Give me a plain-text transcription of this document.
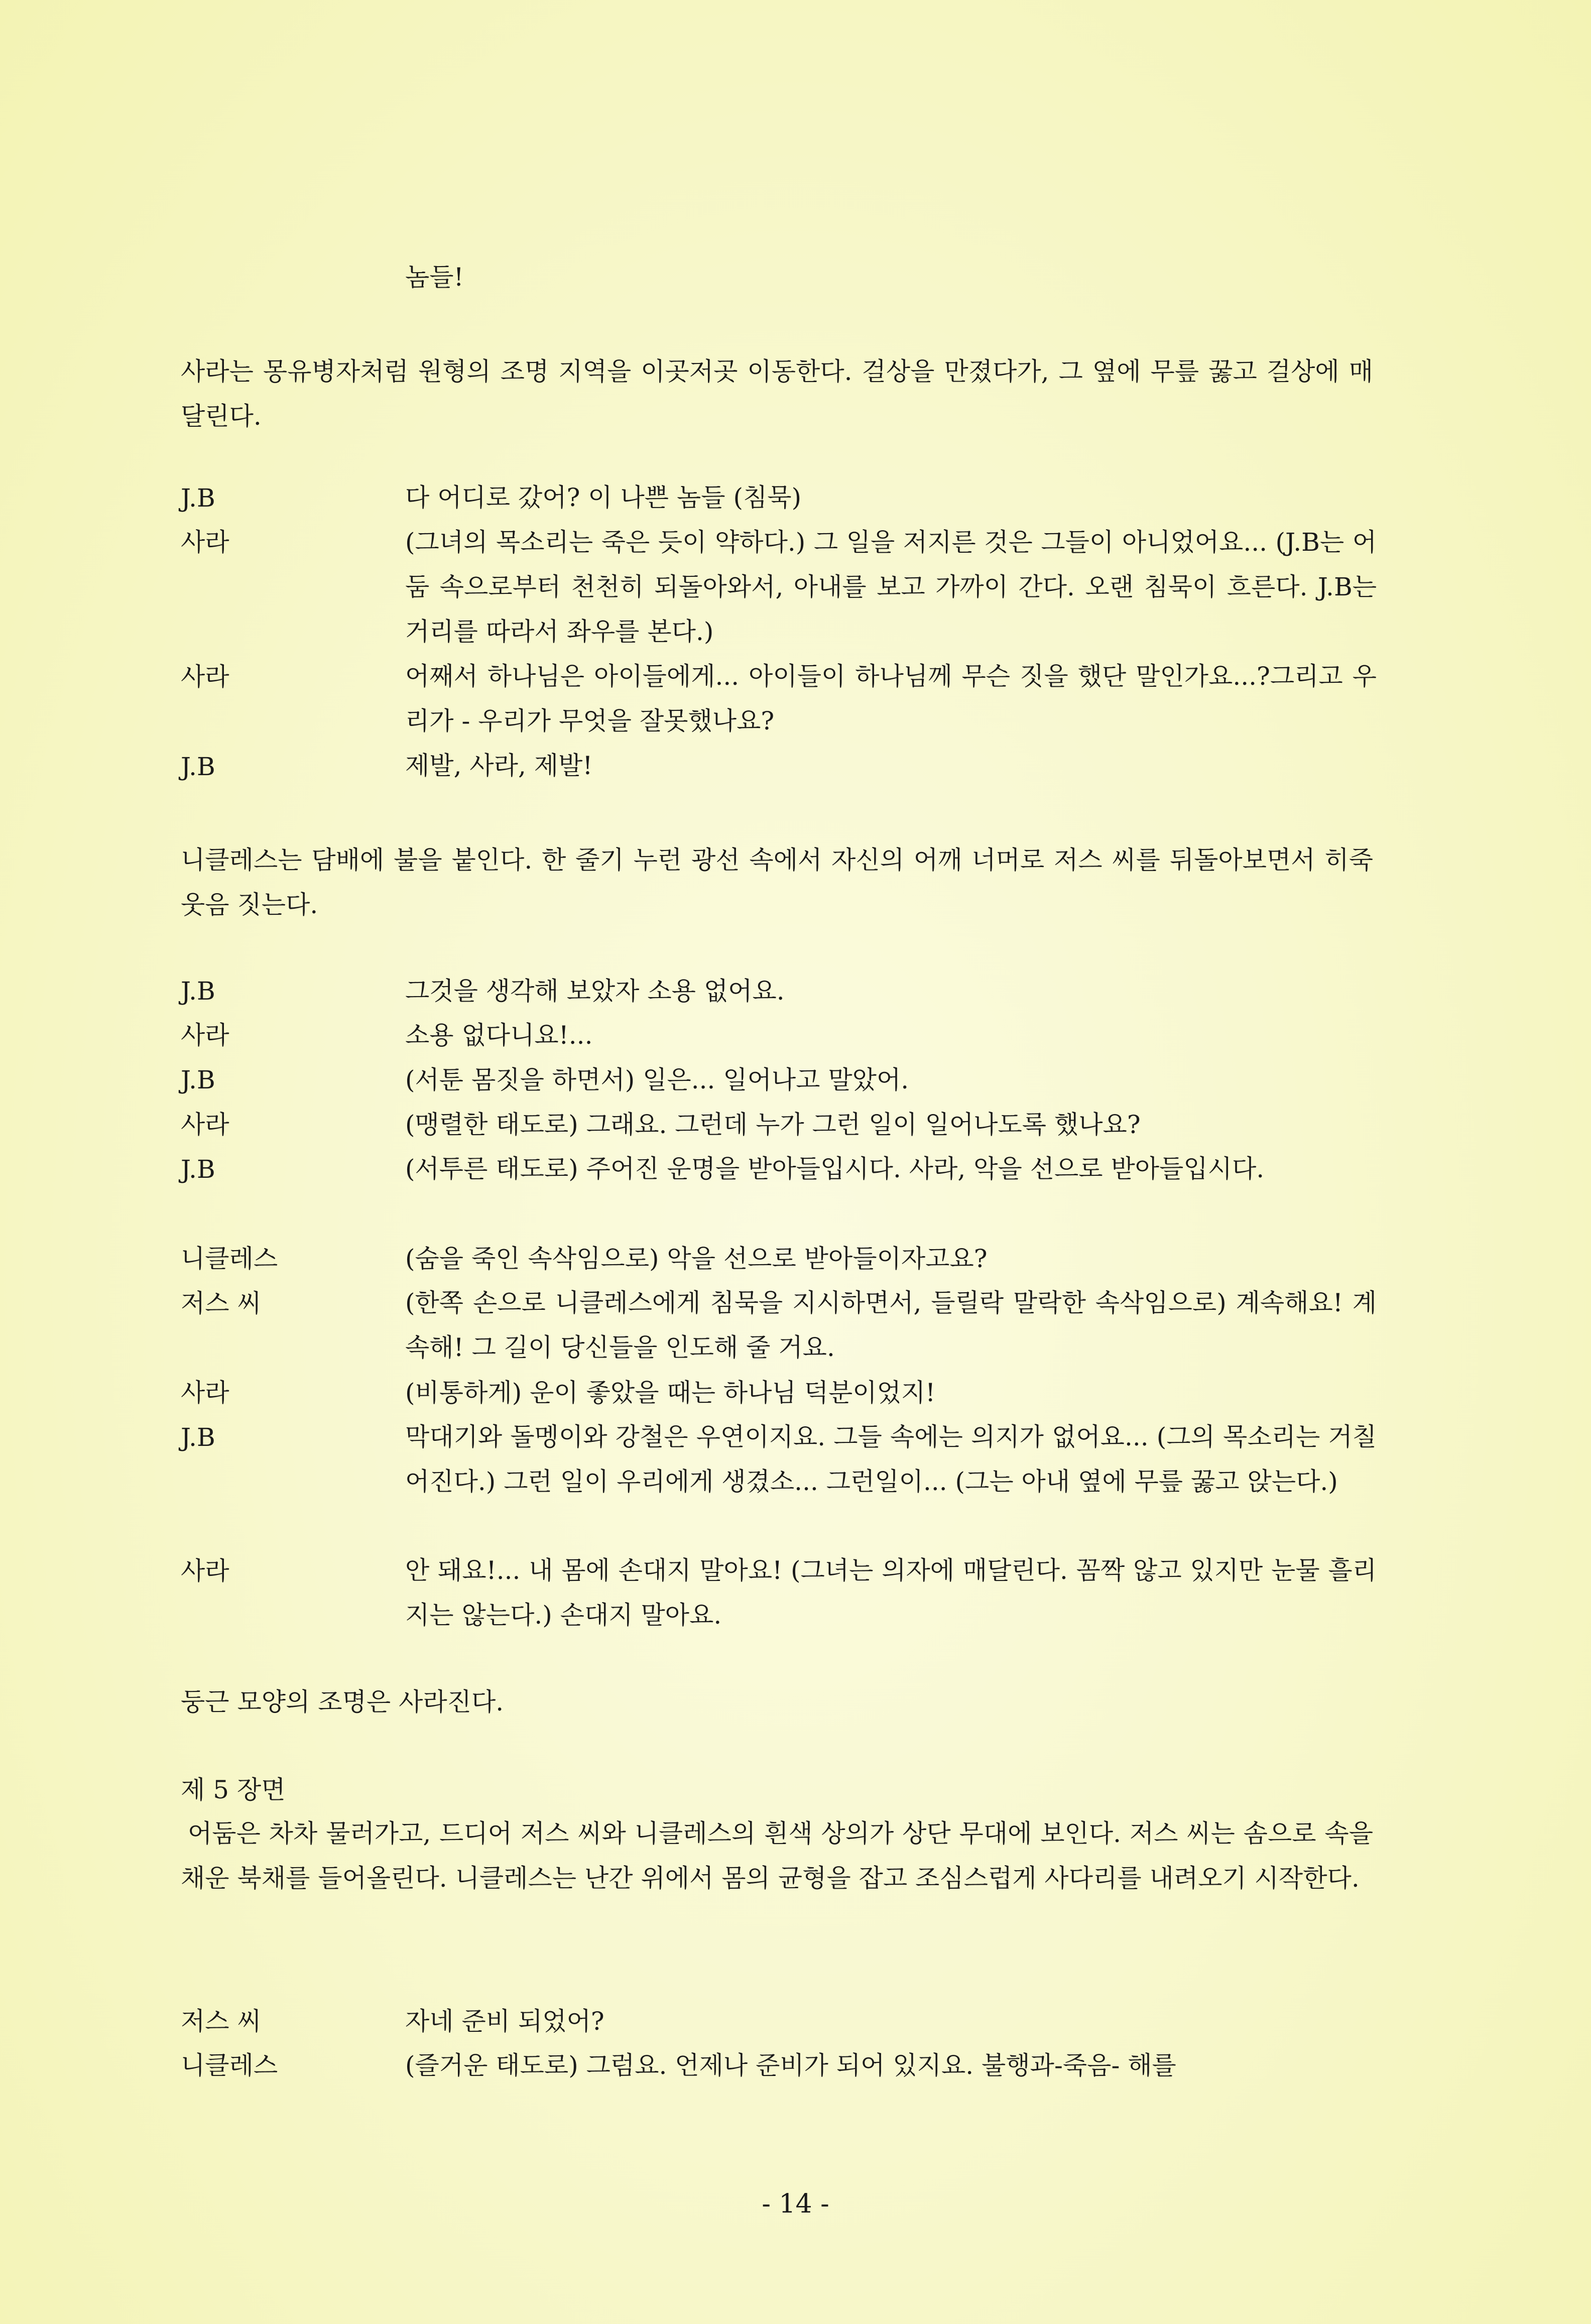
놈들!

사라는 몽유병자처럼 원형의 조명 지역을 이곳저곳 이동한다. 걸상을 만졌다가, 그 옆에 무릎 꿇고 걸상에 매달린다.

J.B	다 어디로 갔어? 이 나쁜 놈들 (침묵)

사라	(그녀의 목소리는 죽은 듯이 약하다.) 그 일을 저지른 것은 그들이 아니었어요... (J.B는 어둠 속으로부터 천천히 되돌아와서, 아내를 보고 가까이 간다. 오랜 침묵이 흐른다. J.B는 거리를 따라서 좌우를 본다.)

사라	어째서 하나님은 아이들에게... 아이들이 하나님께 무슨 짓을 했단 말인가요...?그리고 우리가 - 우리가 무엇을 잘못했나요?

J.B	제발, 사라, 제발!

니클레스는 담배에 불을 붙인다. 한 줄기 누런 광선 속에서 자신의 어깨 너머로 저스 씨를 뒤돌아보면서 히죽 웃음 짓는다.

J.B	그것을 생각해 보았자 소용 없어요.
사라	소용 없다니요!...
J.B	(서툰 몸짓을 하면서) 일은... 일어나고 말았어.
사라	(맹렬한 태도로) 그래요. 그런데 누가 그런 일이 일어나도록 했나요?
J.B	(서투른 태도로) 주어진 운명을 받아들입시다. 사라, 악을 선으로 받아들입시다.

니클레스	(숨을 죽인 속삭임으로) 악을 선으로 받아들이자고요?
저스 씨	(한쪽 손으로 니클레스에게 침묵을 지시하면서, 들릴락 말락한 속삭임으로) 계속해요! 계속해! 그 길이 당신들을 인도해 줄 거요.

사라	(비통하게) 운이 좋았을 때는 하나님 덕분이었지!
J.B	막대기와 돌멩이와 강철은 우연이지요. 그들 속에는 의지가 없어요... (그의 목소리는 거칠어진다.) 그런 일이 우리에게 생겼소... 그런일이... (그는 아내 옆에 무릎 꿇고 앉는다.)

사라	안 돼요!... 내 몸에 손대지 말아요! (그녀는 의자에 매달린다. 꼼짝 않고 있지만 눈물 흘리지는 않는다.) 손대지 말아요.

둥근 모양의 조명은 사라진다.

제 5 장면

어둠은 차차 물러가고, 드디어 저스 씨와 니클레스의 흰색 상의가 상단 무대에 보인다. 저스 씨는 솜으로 속을 채운 북채를 들어올린다. 니클레스는 난간 위에서 몸의 균형을 잡고 조심스럽게 사다리를 내려오기 시작한다.

저스 씨	자네 준비 되었어?
니클레스	(즐거운 태도로) 그럼요. 언제나 준비가 되어 있지요. 불행과-죽음- 해를
- 14 -
